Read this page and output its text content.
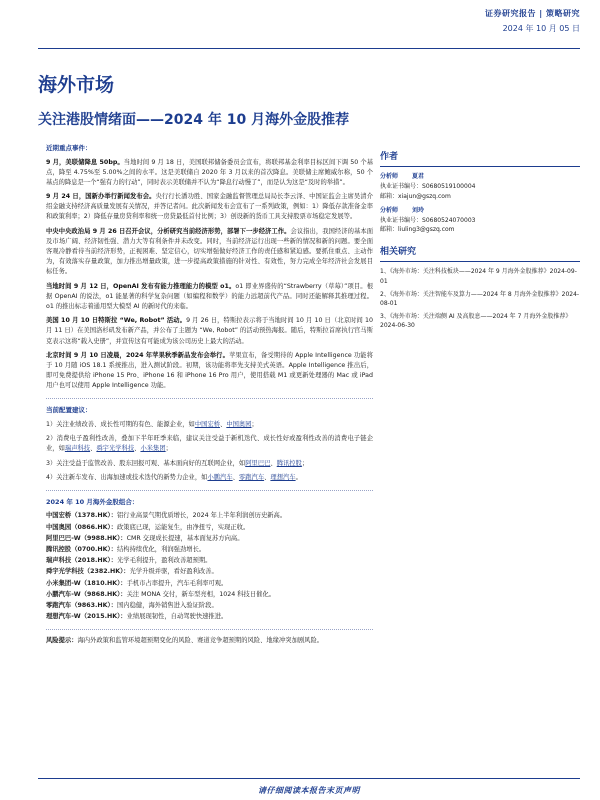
证券研究报告 | 策略研究
2024 年 10 月 05 日
海外市场
关注港股情绪面——2024 年 10 月海外金股推荐
近期重点事件：
9 月，美联储降息 50bp。当地时间 9 月 18 日，美国联邦储备委员会宣布，将联邦基金利率目标区间下调 50 个基点，降至 4.75%至 5.00%之间的水平。这是美联储自 2020 年 3 月以来的首次降息。美联储主席鲍威尔称，50 个基点的降息是一个“强有力的行动”，同时表示美联储并不认为“降息行动慢了”，而是认为这是“及时的举措”。
9 月 24 日，国新办举行新闻发布会。央行行长潘功胜、国家金融监督管理总局局长李云泽、中国证监会主席吴清介绍金融支持经济高质量发展有关情况，并答记者问。此次新闻发布会宣布了一系列政策，例如：1）降低存款准备金率和政策利率；2）降低存量房贷利率和统一房贷最低首付比例；3）创设新的货币工具支持股票市场稳定发展等。
中央中央政治局 9 月 26 日召开会议，分析研究当前经济形势，部署下一步经济工作。会议指出，我国经济的基本面及市场广阔、经济韧性强、潜力大等有利条件并未改变。同时，当前经济运行出现一些新的情况和新的问题。要全面客观冷静看待当前经济形势，正视困难、坚定信心，切实增强做好经济工作的责任感和紧迫感。要抓住重点、主动作为，有效落实存量政策，加力推出增量政策，进一步提高政策措施的针对性、有效性，努力完成全年经济社会发展目标任务。
当地时间 9 月 12 日，OpenAI 发布有能力推理能力的模型 o1。o1 即业界盛传的“Strawberry（草莓）”项目。根据 OpenAI 的说法，o1 能显著的科学复杂问题（如编程和数学）的能力远超前代产品。同时还能解释其推理过程。o1 的推出标志着通用型大模型 AI 的新时代的来临。
美国 10 月 10 日特斯拉 “We, Robot” 活动。9 月 26 日，特斯拉表示将于当地时间 10 月 10 日（北京时间 10 月 11 日）在美国洛杉矶发布新产品，并公布了主题为 “We, Robot” 的活动预热海报。随后，特斯拉首席执行官马斯克表示这将“载入史册”，并宣传这有可能成为该公司历史上最大的活动。
北京时间 9 月 10 日凌晨，2024 年苹果秋季新品发布会举行。苹果宣布，备受期待的 Apple Intelligence 功能将于 10 月随 iOS 18.1 系统推出，进入测试阶段。初期，该功能将率先支持美式英语。Apple Intelligence 推出后，即可免费提供给 iPhone 15 Pro、iPhone 16 和 iPhone 16 Pro 用户，使用搭载 M1 或更新处理器的 Mac 或 iPad 用户也可以使用 Apple Intelligence 功能。
当前配置建议：
1）关注业绩改善、成长性可期的有色、能源企业，如中国宏桥、中国奥园；
2）消费电子盈利性改善，叠加下半年旺季来临，建议关注受益于新机迭代、成长性好或盈利性改善的消费电子链企业，如瑞声科技、舜宇光学科技、小米集团；
3）关注受益于监管改善、股东回报可观、基本面向好的互联网企业，如阿里巴巴、腾讯控股；
4）关注新车发布、出海加速或技术迭代的新势力企业，如小鹏汽车、零跑汽车、理想汽车。
2024 年 10 月海外金股组合：
中国宏桥（1378.HK）：铝行业高景气期优质增长，2024 年上半年利润创历史新高。
中国奥园（0866.HK）：政策底已现，运能复生，由净扭亏，实现正收。
阿里巴巴-W（9988.HK）：CMR 交现成长提速，基本面复苏方向高。
腾讯控股（0700.HK）：结构持续优化，利润强劲增长。
瑞声科技（2018.HK）：光学毛利提升，盈利改善超预期。
舜宇光学科技（2382.HK）：光学升级并驱，看好盈利改善。
小米集团-W（1810.HK）：手机市占率提升，汽车毛利率可观。
小鹏汽车-W（9868.HK）：关注 MONA 交付，新车型亮相，1024 科技日催化。
零跑汽车（9863.HK）：国内稳健，海外销售进入验证阶段。
理想汽车-W（2015.HK）：业绩展现韧性，自动驾驶快速推进。
风险提示：海内外政策和监管环境超预期变化的风险、赛道竞争超预期的风险、地缘冲突加剧风险。
作者
分析师 夏君
执业证书编号：S0680519100004
邮箱：xiajun@gszq.com
分析师 刘玲
执业证书编号：S0680524070003
邮箱：liuling3@gszq.com
相关研究
1、《海外市场：关注科技板块——2024 年 9 月海外金股推荐》2024-09-01
2、《海外市场：关注智能车及算力——2024 年 8 月海外金股推荐》2024-08-01
3、《海外市场：关注端侧 AI 及高股息——2024 年 7 月海外金股推荐》2024-06-30
请仔细阅读本报告末页声明
